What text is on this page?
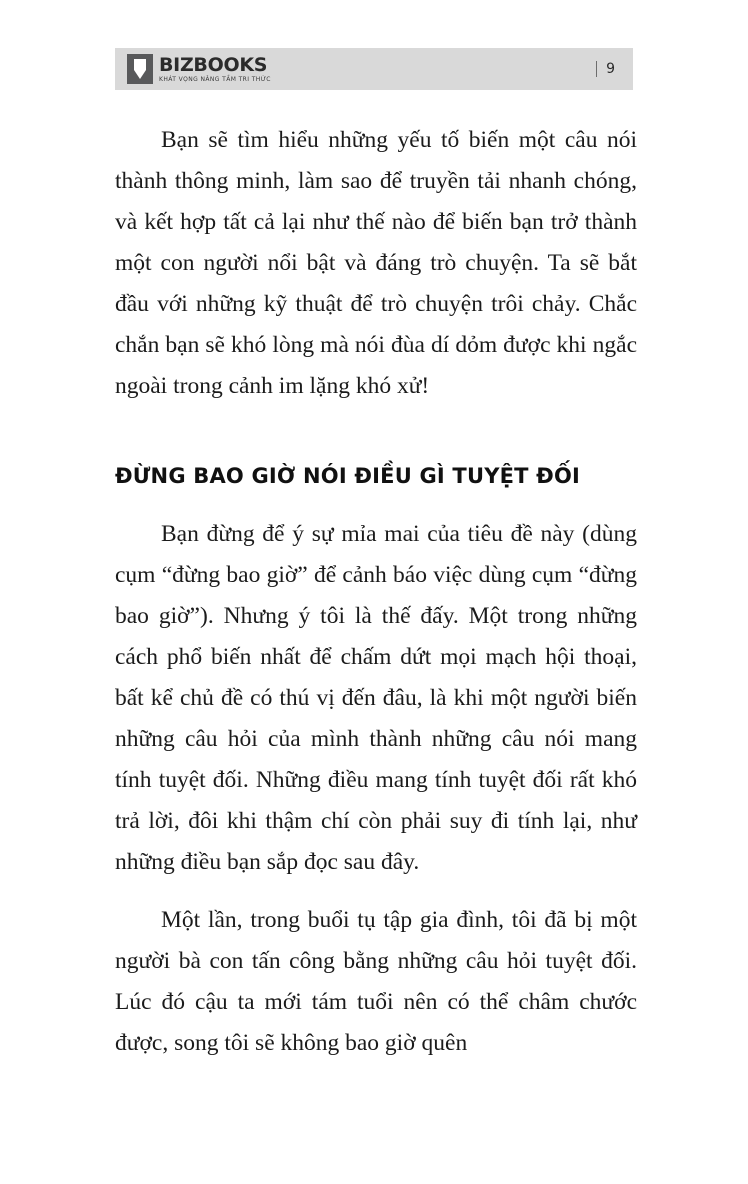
BIZBOOKS
KHÁT VỌNG NÂNG TẦM TRI THỨC
9

Bạn sẽ tìm hiểu những yếu tố biến một câu nói thành thông minh, làm sao để truyền tải nhanh chóng, và kết hợp tất cả lại như thế nào để biến bạn trở thành một con người nổi bật và đáng trò chuyện. Ta sẽ bắt đầu với những kỹ thuật để trò chuyện trôi chảy. Chắc chắn bạn sẽ khó lòng mà nói đùa dí dỏm được khi ngắc ngoài trong cảnh im lặng khó xử!

ĐỪNG BAO GIỜ NÓI ĐIỀU GÌ TUYỆT ĐỐI

Bạn đừng để ý sự mỉa mai của tiêu đề này (dùng cụm “đừng bao giờ” để cảnh báo việc dùng cụm “đừng bao giờ”). Nhưng ý tôi là thế đấy. Một trong những cách phổ biến nhất để chấm dứt mọi mạch hội thoại, bất kể chủ đề có thú vị đến đâu, là khi một người biến những câu hỏi của mình thành những câu nói mang tính tuyệt đối. Những điều mang tính tuyệt đối rất khó trả lời, đôi khi thậm chí còn phải suy đi tính lại, như những điều bạn sắp đọc sau đây.

Một lần, trong buổi tụ tập gia đình, tôi đã bị một người bà con tấn công bằng những câu hỏi tuyệt đối. Lúc đó cậu ta mới tám tuổi nên có thể châm chước được, song tôi sẽ không bao giờ quên
